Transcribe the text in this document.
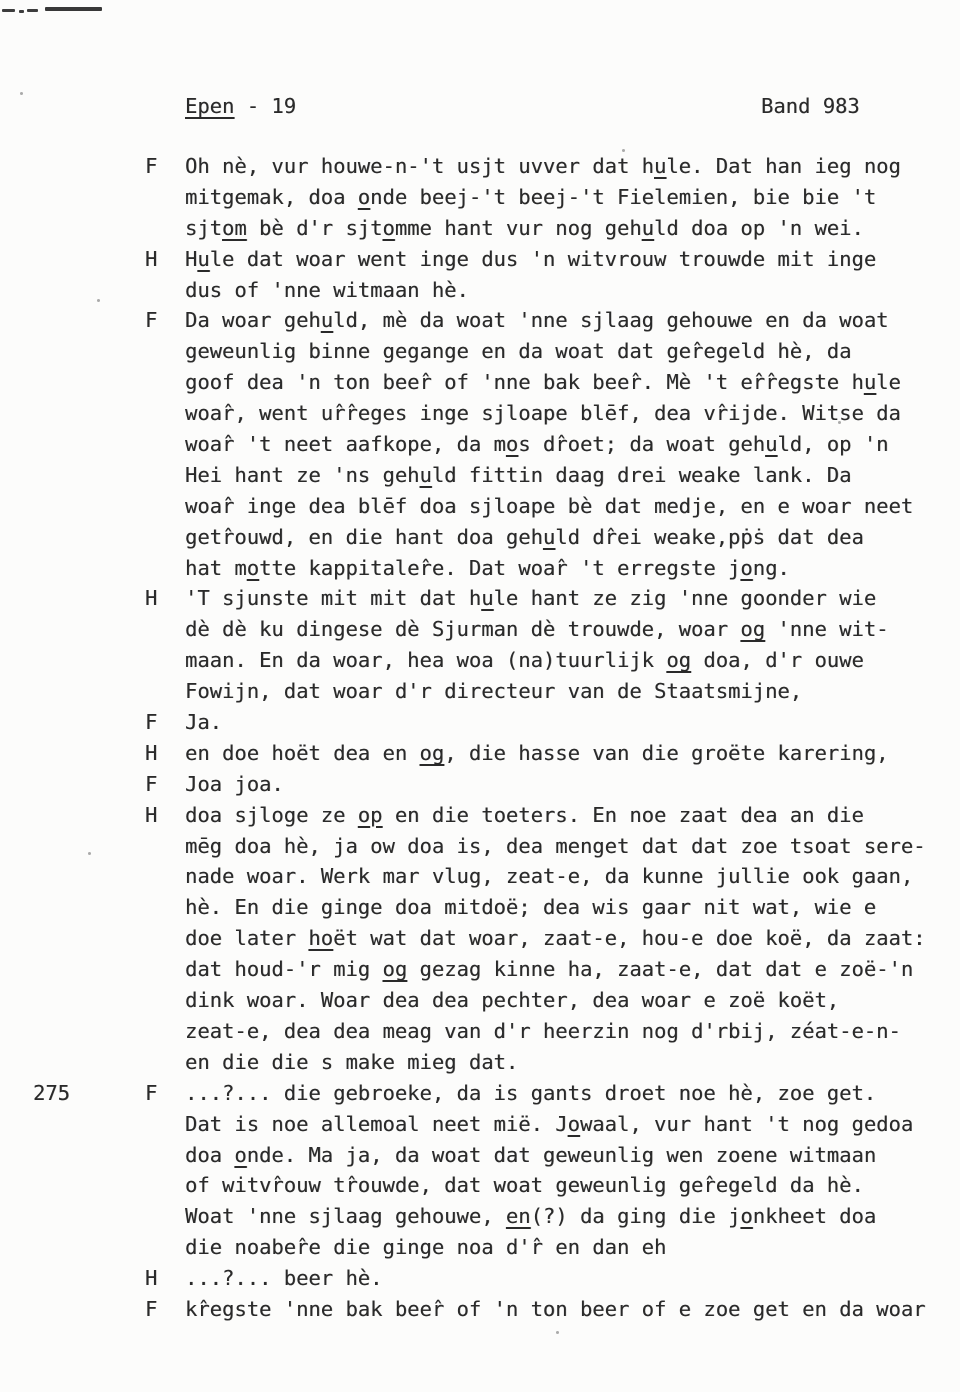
Epen - 19	Band 983
F	Oh nè, vur houwe-n-'t usjt uvver dat hule. Dat han ieg nog
mitgemak, doa onde beej-'t beej-'t Fielemien, bie bie 't
sjtom bè d'r sjtomme hant vur nog gehuld doa op 'n wei.
H	Hule dat woar went inge dus 'n witvrouw trouwde mit inge
dus of 'nne witmaan hè.
F	Da woar gehuld, mè da woat 'nne sjlaag gehouwe en da woat
geweunlig binne gegange en da woat dat ger̂egeld hè, da
goof dea 'n ton beer̂ of 'nne bak beer̂. Mè 't er̂r̂egste hule
woar̂, went ur̂r̂eges inge sjloape blēf, dea vr̂ijde. Witse da
woar̂ 't neet aafkope, da mos dr̂oet; da woat gehuld, op 'n
Hei hant ze 'ns gehuld fittin daag drei weake lank. Da
woar̂ inge dea blēf doa sjloape bè dat medje, en e woar neet
getr̂ouwd, en die hant doa gehuld dr̂ei weake,pṗṡ dat dea
hat motte kappitaler̂e. Dat woar̂ 't erregste jong.
H	'T sjunste mit mit dat hule hant ze zig 'nne goonder wie
dè dè ku dingese dè Sjurman dè trouwde, woar og 'nne wit-
maan. En da woar, hea woa (na)tuurlijk og doa, d'r ouwe
Fowijn, dat woar d'r directeur van de Staatsmijne,
F	Ja.
H	en doe hoët dea en og, die hasse van die groëte karering,
F	Joa joa.
H	doa sjloge ze op en die toeters. En noe zaat dea an die
mēg doa hè, ja ow doa is, dea menget dat dat zoe tsoat sere-
nade woar. Werk mar vlug, zeat-e, da kunne jullie ook gaan,
hè. En die ginge doa mitdoë; dea wis gaar nit wat, wie e
doe later hoët wat dat woar, zaat-e, hou-e doe koë, da zaat:
dat houd-'r mig og gezag kinne ha, zaat-e, dat dat e zoë-'n
dink woar. Woar dea dea pechter, dea woar e zoë koët,
zeat-e, dea dea meag van d'r heerzin nog d'rbij, zéat-e-n-
en die die s make mieg dat.
275	F	...?... die gebroeke, da is gants droet noe hè, zoe get.
Dat is noe allemoal neet mië. Jowaal, vur hant 't nog gedoa
doa onde. Ma ja, da woat dat geweunlig wen zoene witmaan
of witvr̂ouw tr̂ouwde, dat woat geweunlig ger̂egeld da hè.
Woat 'nne sjlaag gehouwe, en(?) da ging die jonkheet doa
die noaber̂e die ginge noa d'r̂ en dan eh
H	...?... beer hè.
F	kr̂egste 'nne bak beer̂ of 'n ton beer of e zoe get en da woar
